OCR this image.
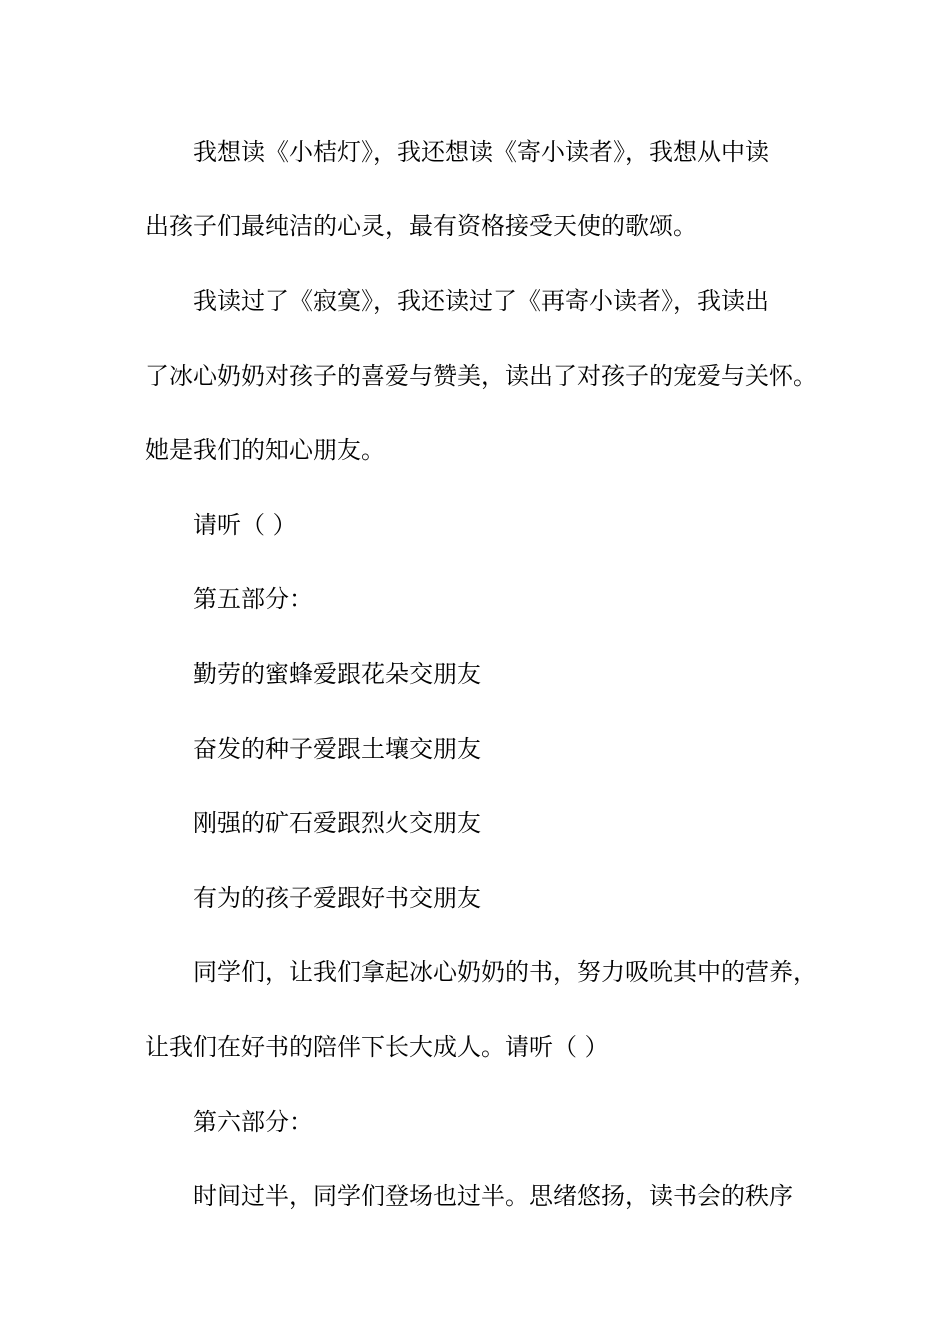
我想读《小桔灯》，我还想读《寄小读者》，我想从中读

出孩子们最纯洁的心灵，最有资格接受天使的歌颂。

我读过了《寂寞》，我还读过了《再寄小读者》，我读出

了冰心奶奶对孩子的喜爱与赞美，读出了对孩子的宠爱与关怀。

她是我们的知心朋友。

请听（ ）

第五部分：

勤劳的蜜蜂爱跟花朵交朋友

奋发的种子爱跟土壤交朋友

刚强的矿石爱跟烈火交朋友

有为的孩子爱跟好书交朋友

同学们，让我们拿起冰心奶奶的书，努力吸吮其中的营养，

让我们在好书的陪伴下长大成人。请听（ ）

第六部分：

时间过半，同学们登场也过半。思绪悠扬，读书会的秩序
